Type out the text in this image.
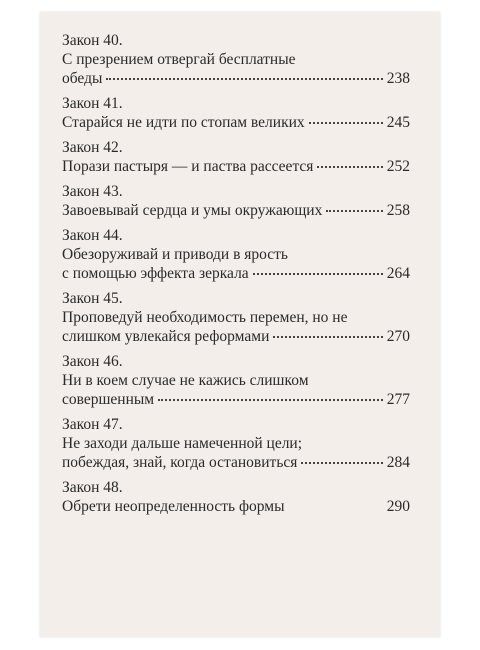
Закон 40.
С презрением отвергай бесплатные
обеды	238
Закон 41.
Старайся не идти по стопам великих	245
Закон 42.
Порази пастыря — и паства рассеется	252
Закон 43.
Завоевывай сердца и умы окружающих	258
Закон 44.
Обезоруживай и приводи в ярость
с помощью эффекта зеркала	264
Закон 45.
Проповедуй необходимость перемен, но не
слишком увлекайся реформами	270
Закон 46.
Ни в коем случае не кажись слишком
совершенным	277
Закон 47.
Не заходи дальше намеченной цели;
побеждая, знай, когда остановиться	284
Закон 48.
Обрети неопределенность формы	290
